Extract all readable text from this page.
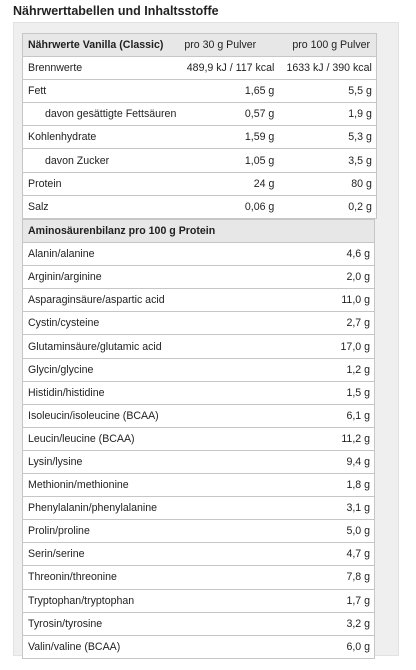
Nährwerttabellen und Inhaltsstoffe
Nährwerte Vanilla (Classic)	pro 30 g Pulver	pro 100 g Pulver
Brennwerte	489,9 kJ / 117 kcal	1633 kJ / 390 kcal
Fett	1,65 g	5,5 g
davon gesättigte Fettsäuren	0,57 g	1,9 g
Kohlenhydrate	1,59 g	5,3 g
davon Zucker	1,05 g	3,5 g
Protein	24 g	80 g
Salz	0,06 g	0,2 g
Aminosäurenbilanz pro 100 g Protein	
Alanin/alanine	4,6 g
Arginin/arginine	2,0 g
Asparaginsäure/aspartic acid	11,0 g
Cystin/cysteine	2,7 g
Glutaminsäure/glutamic acid	17,0 g
Glycin/glycine	1,2 g
Histidin/histidine	1,5 g
Isoleucin/isoleucine (BCAA)	6,1 g
Leucin/leucine (BCAA)	11,2 g
Lysin/lysine	9,4 g
Methionin/methionine	1,8 g
Phenylalanin/phenylalanine	3,1 g
Prolin/proline	5,0 g
Serin/serine	4,7 g
Threonin/threonine	7,8 g
Tryptophan/tryptophan	1,7 g
Tyrosin/tyrosine	3,2 g
Valin/valine (BCAA)	6,0 g
